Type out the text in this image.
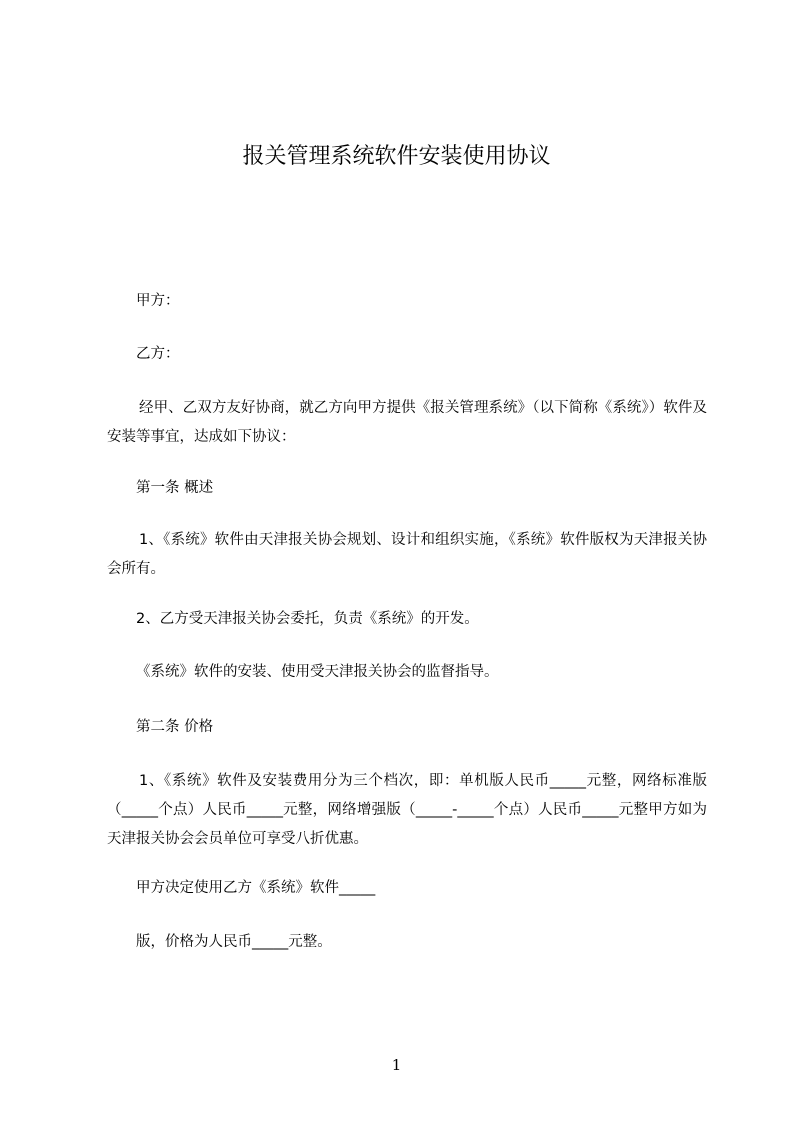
报关管理系统软件安装使用协议

甲方：

乙方：

经甲、乙双方友好协商，就乙方向甲方提供《报关管理系统》（以下简称《系统》）软件及安装等事宜，达成如下协议：

第一条 概述

1、《系统》软件由天津报关协会规划、设计和组织实施，《系统》软件版权为天津报关协会所有。

2、乙方受天津报关协会委托，负责《系统》的开发。

《系统》软件的安装、使用受天津报关协会的监督指导。

第二条 价格

1、《系统》软件及安装费用分为三个档次，即：单机版人民币_____元整，网络标准版（_____个点）人民币_____元整，网络增强版（_____-_____个点）人民币_____元整甲方如为天津报关协会会员单位可享受八折优惠。

甲方决定使用乙方《系统》软件_____

版，价格为人民币_____元整。

1
